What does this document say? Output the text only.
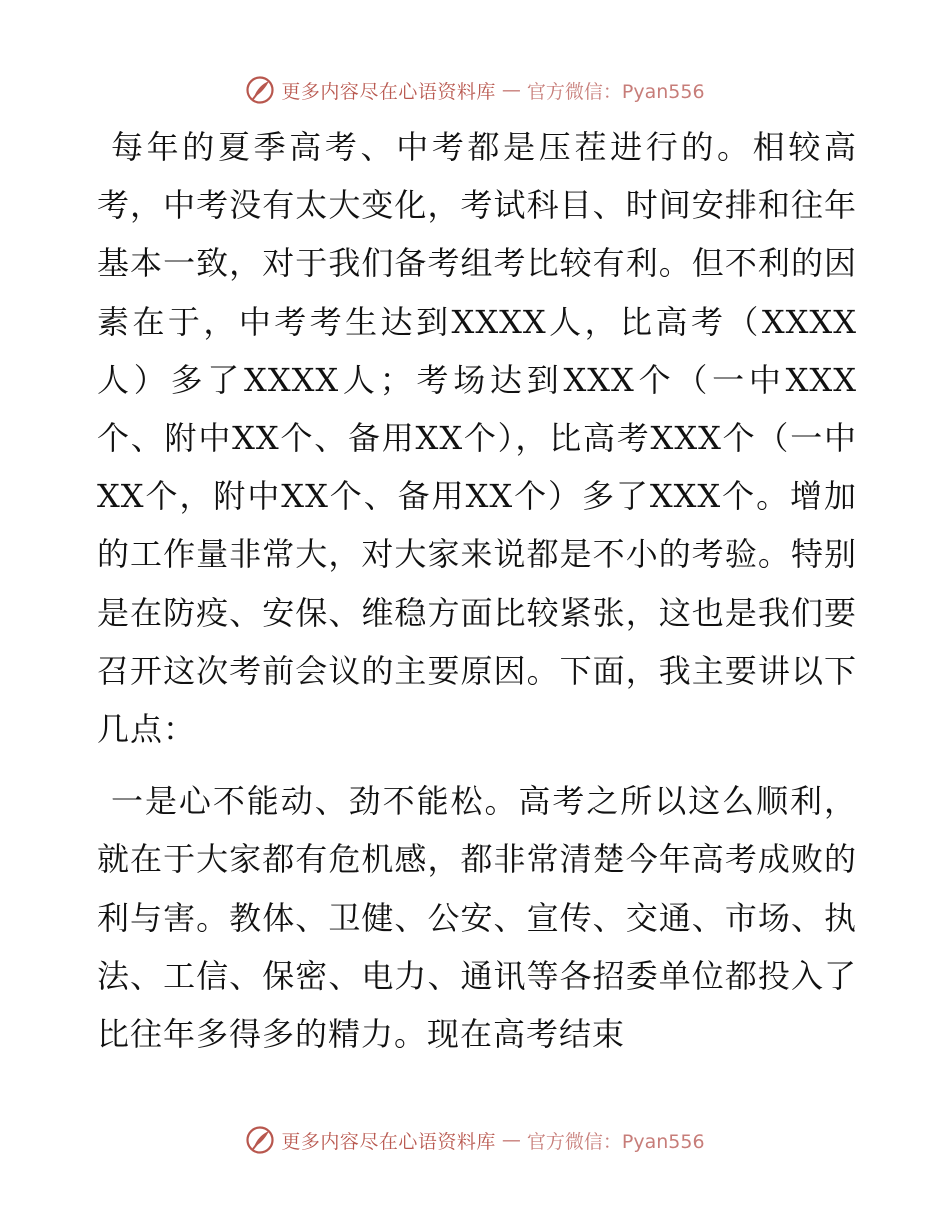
更多内容尽在心语资料库 — 官方微信：Pyan556

每年的夏季高考、中考都是压茬进行的。相较高考，中考没有太大变化，考试科目、时间安排和往年基本一致，对于我们备考组考比较有利。但不利的因素在于，中考考生达到XXXX人，比高考（XXXX人）多了XXXX人；考场达到XXX个（一中XXX个、附中XX个、备用XX个），比高考XXX个（一中XX个，附中XX个、备用XX个）多了XXX个。增加的工作量非常大，对大家来说都是不小的考验。特别是在防疫、安保、维稳方面比较紧张，这也是我们要召开这次考前会议的主要原因。下面，我主要讲以下几点：

一是心不能动、劲不能松。高考之所以这么顺利，就在于大家都有危机感，都非常清楚今年高考成败的利与害。教体、卫健、公安、宣传、交通、市场、执法、工信、保密、电力、通讯等各招委单位都投入了比往年多得多的精力。现在高考结束

更多内容尽在心语资料库 — 官方微信：Pyan556
